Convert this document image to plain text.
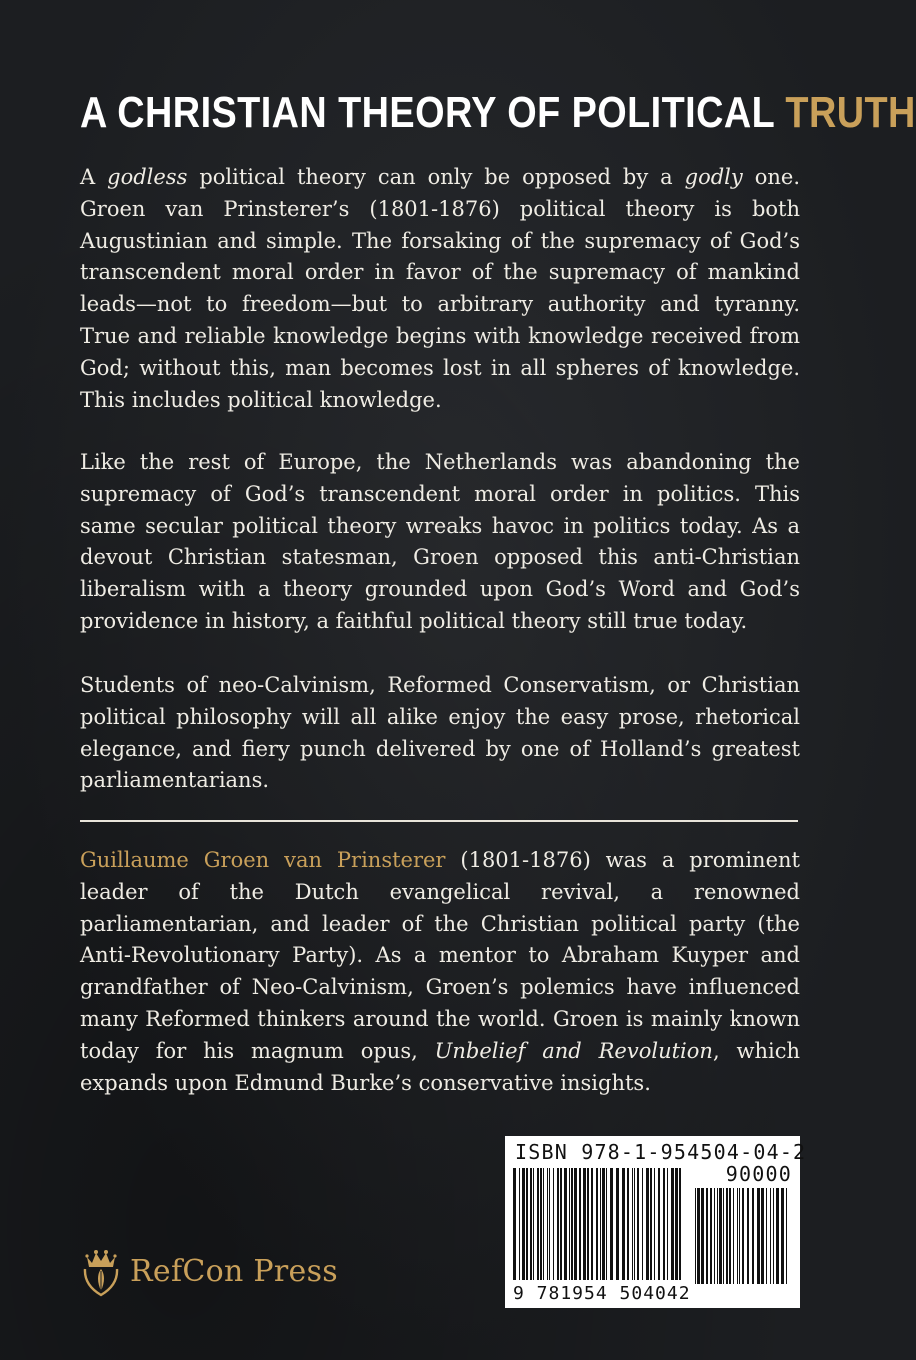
A CHRISTIAN THEORY OF POLITICAL TRUTH

A godless political theory can only be opposed by a godly one. Groen van Prinsterer’s (1801-1876) political theory is both Augustinian and simple. The forsaking of the supremacy of God’s transcendent moral order in favor of the supremacy of mankind leads—not to freedom—but to arbitrary authority and tyranny. True and reliable knowledge begins with knowledge received from God; without this, man becomes lost in all spheres of knowledge. This includes political knowledge.

Like the rest of Europe, the Netherlands was abandoning the supremacy of God’s transcendent moral order in politics. This same secular political theory wreaks havoc in politics today. As a devout Christian statesman, Groen opposed this anti-Christian liberalism with a theory grounded upon God’s Word and God’s providence in history, a faithful political theory still true today.

Students of neo-Calvinism, Reformed Conservatism, or Christian political philosophy will all alike enjoy the easy prose, rhetorical elegance, and fiery punch delivered by one of Holland’s greatest parliamentarians.

Guillaume Groen van Prinsterer (1801-1876) was a prominent leader of the Dutch evangelical revival, a renowned parliamentarian, and leader of the Christian political party (the Anti-Revolutionary Party). As a mentor to Abraham Kuyper and grandfather of Neo-Calvinism, Groen’s polemics have influenced many Reformed thinkers around the world. Groen is mainly known today for his magnum opus, Unbelief and Revolution, which expands upon Edmund Burke’s conservative insights.

RefCon Press
ISBN 978-1-954504-04-2
90000
9 781954 504042
